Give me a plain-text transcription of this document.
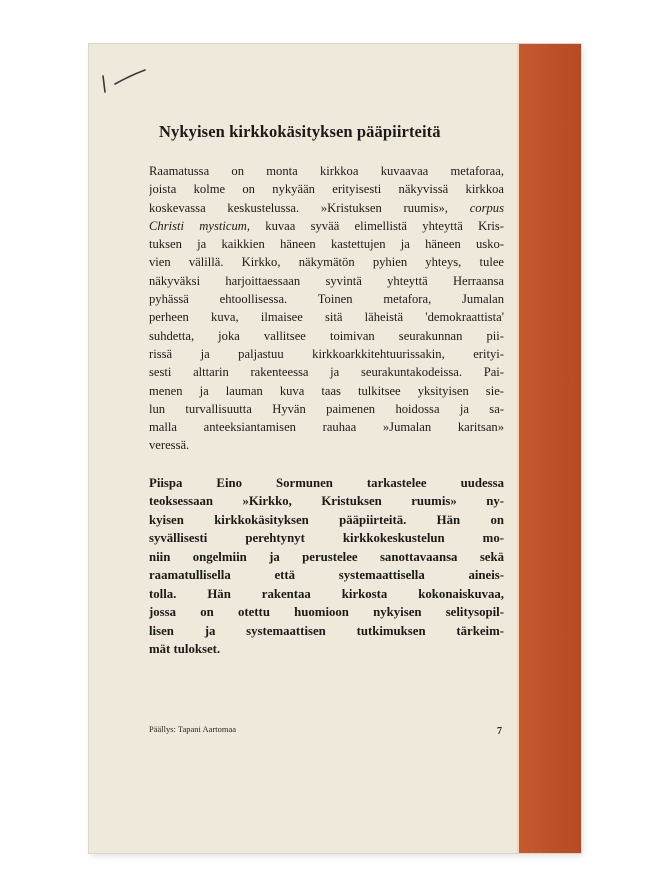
Nykyisen kirkkokäsityksen pääpiirteitä
Raamatussa on monta kirkkoa kuvaavaa metaforaa,
joista kolme on nykyään erityisesti näkyvissä kirkkoa
koskevassa keskustelussa. »Kristuksen ruumis», corpus
Christi mysticum, kuvaa syvää elimellistä yhteyttä Kris-
tuksen ja kaikkien häneen kastettujen ja häneen usko-
vien välillä. Kirkko, näkymätön pyhien yhteys, tulee
näkyväksi harjoittaessaan syvintä yhteyttä Herraansa
pyhässä ehtoollisessa. Toinen metafora, Jumalan
perheen kuva, ilmaisee sitä läheistä 'demokraattista'
suhdetta, joka vallitsee toimivan seurakunnan pii-
rissä ja paljastuu kirkkoarkkitehtuurissakin, erityi-
sesti alttarin rakenteessa ja seurakuntakodeissa. Pai-
menen ja lauman kuva taas tulkitseе yksityisen sie-
lun turvallisuutta Hyvän paimenen hoidossa ja sa-
malla anteeksiantamisen rauhaa »Jumalan karitsan»
veressä.
Piispa Eino Sormunen tarkastelee uudessa
teoksessaan »Kirkko, Kristuksen ruumis» ny-
kyisen kirkkokäsityksen pääpiirteitä. Hän on
syvällisesti perehtynyt kirkkokeskustelun mo-
niin ongelmiin ja perustelee sanottavaansa sekä
raamatullisella että systemaattisella aineis-
tolla. Hän rakentaa kirkosta kokonaiskuvaa,
jossa on otettu huomioon nykyisen selitysopil-
lisen ja systemaattisen tutkimuksen tärkeim-
mät tulokset.
Päällys: Tapani Aartomaa	7
